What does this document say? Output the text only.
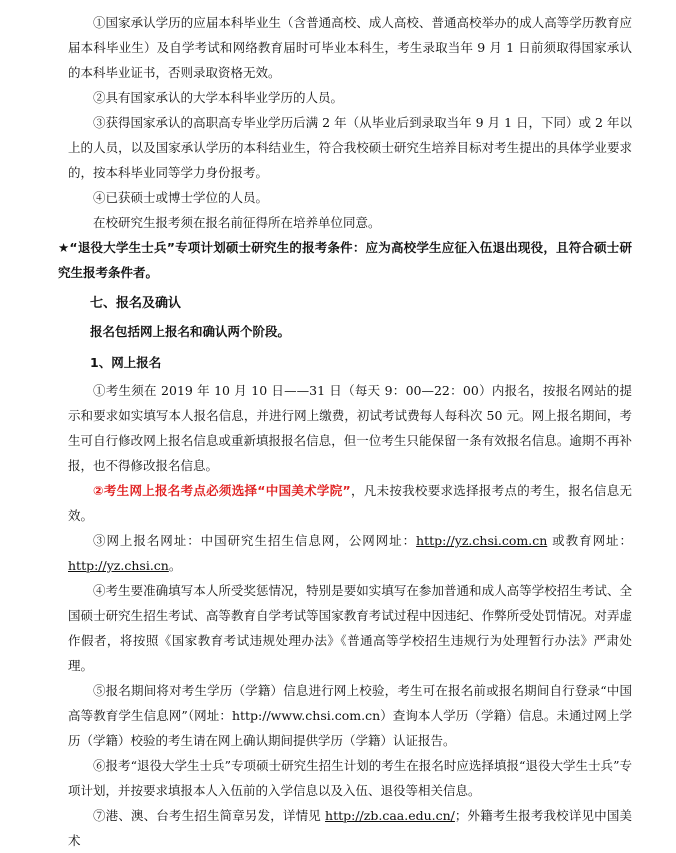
①国家承认学历的应届本科毕业生（含普通高校、成人高校、普通高校举办的成人高等学历教育应届本科毕业生）及自学考试和网络教育届时可毕业本科生，考生录取当年 9 月 1 日前须取得国家承认的本科毕业证书，否则录取资格无效。

②具有国家承认的大学本科毕业学历的人员。

③获得国家承认的高职高专毕业学历后满 2 年（从毕业后到录取当年 9 月 1 日，下同）或 2 年以上的人员，以及国家承认学历的本科结业生，符合我校硕士研究生培养目标对考生提出的具体学业要求的，按本科毕业同等学力身份报考。

④已获硕士或博士学位的人员。

在校研究生报考须在报名前征得所在培养单位同意。

★“退役大学生士兵”专项计划硕士研究生的报考条件：应为高校学生应征入伍退出现役，且符合硕士研究生报考条件者。

七、报名及确认

报名包括网上报名和确认两个阶段。

1、网上报名

①考生须在 2019 年 10 月 10 日——31 日（每天 9：00—22：00）内报名，按报名网站的提示和要求如实填写本人报名信息，并进行网上缴费，初试考试费每人每科次 50 元。网上报名期间，考生可自行修改网上报名信息或重新填报报名信息，但一位考生只能保留一条有效报名信息。逾期不再补报，也不得修改报名信息。

②考生网上报名考点必须选择“中国美术学院”，凡未按我校要求选择报考点的考生，报名信息无效。

③网上报名网址：中国研究生招生信息网，公网网址：http://yz.chsi.com.cn 或教育网址：http://yz.chsi.cn。

④考生要准确填写本人所受奖惩情况，特别是要如实填写在参加普通和成人高等学校招生考试、全国硕士研究生招生考试、高等教育自学考试等国家教育考试过程中因违纪、作弊所受处罚情况。对弄虚作假者，将按照《国家教育考试违规处理办法》《普通高等学校招生违规行为处理暂行办法》严肃处理。

⑤报名期间将对考生学历（学籍）信息进行网上校验，考生可在报名前或报名期间自行登录“中国高等教育学生信息网”（网址：http://www.chsi.com.cn）查询本人学历（学籍）信息。未通过网上学历（学籍）校验的考生请在网上确认期间提供学历（学籍）认证报告。

⑥报考“退役大学生士兵”专项硕士研究生招生计划的考生在报名时应选择填报“退役大学生士兵”专项计划，并按要求填报本人入伍前的入学信息以及入伍、退役等相关信息。

⑦港、澳、台考生招生简章另发，详情见 http://zb.caa.edu.cn/；外籍考生报考我校详见中国美术
